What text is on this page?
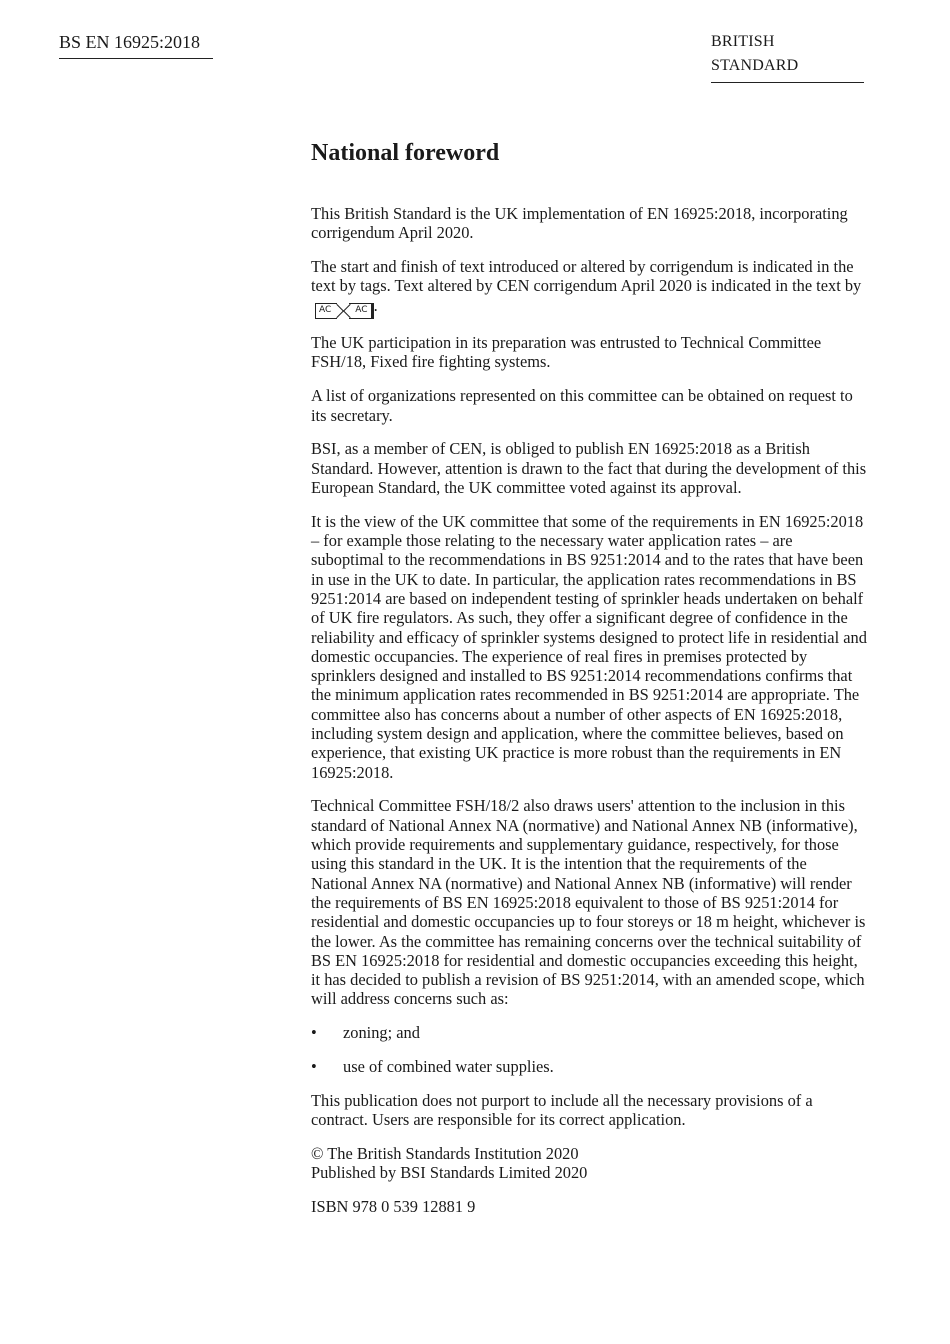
BS EN 16925:2018	BRITISH STANDARD
National foreword

This British Standard is the UK implementation of EN 16925:2018, incorporating corrigendum April 2020.

The start and finish of text introduced or altered by corrigendum is indicated in the text by tags. Text altered by CEN corrigendum April 2020 is indicated in the text by AC	AC .

The UK participation in its preparation was entrusted to Technical Committee FSH/18, Fixed fire fighting systems.

A list of organizations represented on this committee can be obtained on request to its secretary.

BSI, as a member of CEN, is obliged to publish EN 16925:2018 as a British Standard. However, attention is drawn to the fact that during the development of this European Standard, the UK committee voted against its approval.

It is the view of the UK committee that some of the requirements in EN 16925:2018 – for example those relating to the necessary water application rates – are suboptimal to the recommendations in BS 9251:2014 and to the rates that have been in use in the UK to date. In particular, the application rates recommendations in BS 9251:2014 are based on independent testing of sprinkler heads undertaken on behalf of UK fire regulators. As such, they offer a significant degree of confidence in the reliability and efficacy of sprinkler systems designed to protect life in residential and domestic occupancies. The experience of real fires in premises protected by sprinklers designed and installed to BS 9251:2014 recommendations confirms that the minimum application rates recommended in BS 9251:2014 are appropriate. The committee also has concerns about a number of other aspects of EN 16925:2018, including system design and application, where the committee believes, based on experience, that existing UK practice is more robust than the requirements in EN 16925:2018.

Technical Committee FSH/18/2 also draws users' attention to the inclusion in this standard of National Annex NA (normative) and National Annex NB (informative), which provide requirements and supplementary guidance, respectively, for those using this standard in the UK. It is the intention that the requirements of the National Annex NA (normative) and National Annex NB (informative) will render the requirements of BS EN 16925:2018 equivalent to those of BS 9251:2014 for residential and domestic occupancies up to four storeys or 18 m height, whichever is the lower. As the committee has remaining concerns over the technical suitability of BS EN 16925:2018 for residential and domestic occupancies exceeding this height, it has decided to publish a revision of BS 9251:2014, with an amended scope, which will address concerns such as:

• zoning; and
• use of combined water supplies.

This publication does not purport to include all the necessary provisions of a contract. Users are responsible for its correct application.

© The British Standards Institution 2020
Published by BSI Standards Limited 2020

ISBN 978 0 539 12881 9
